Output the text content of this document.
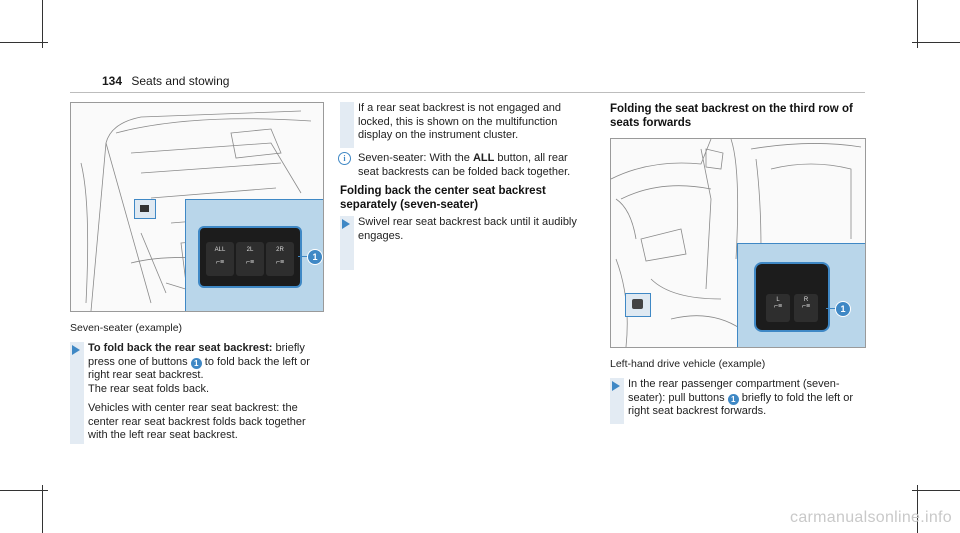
134 Seats and stowing
ALL
⌐≡
2L
⌐≡
2R
⌐≡
1
Seven-seater (example)

To fold back the rear seat backrest: briefly press one of buttons 1 to fold back the left or right rear seat backrest.

The rear seat folds back.

Vehicles with center rear seat backrest: the center rear seat backrest folds back together with the left rear seat backrest.

If a rear seat backrest is not engaged and locked, this is shown on the multifunction display on the instrument cluster.
i	Seven-seater: With the ALL button, all rear seat backrests can be folded back together.
Folding back the center seat backrest separately (seven-seater)
Swivel rear seat backrest back until it audibly engages.
Folding the seat backrest on the third row of seats forwards
L
⌐≡
R
⌐≡	1
Left-hand drive vehicle (example)
In the rear passenger compartment (seven-seater): pull buttons 1 briefly to fold the left or right seat backrest forwards.
carmanualsonline.info
